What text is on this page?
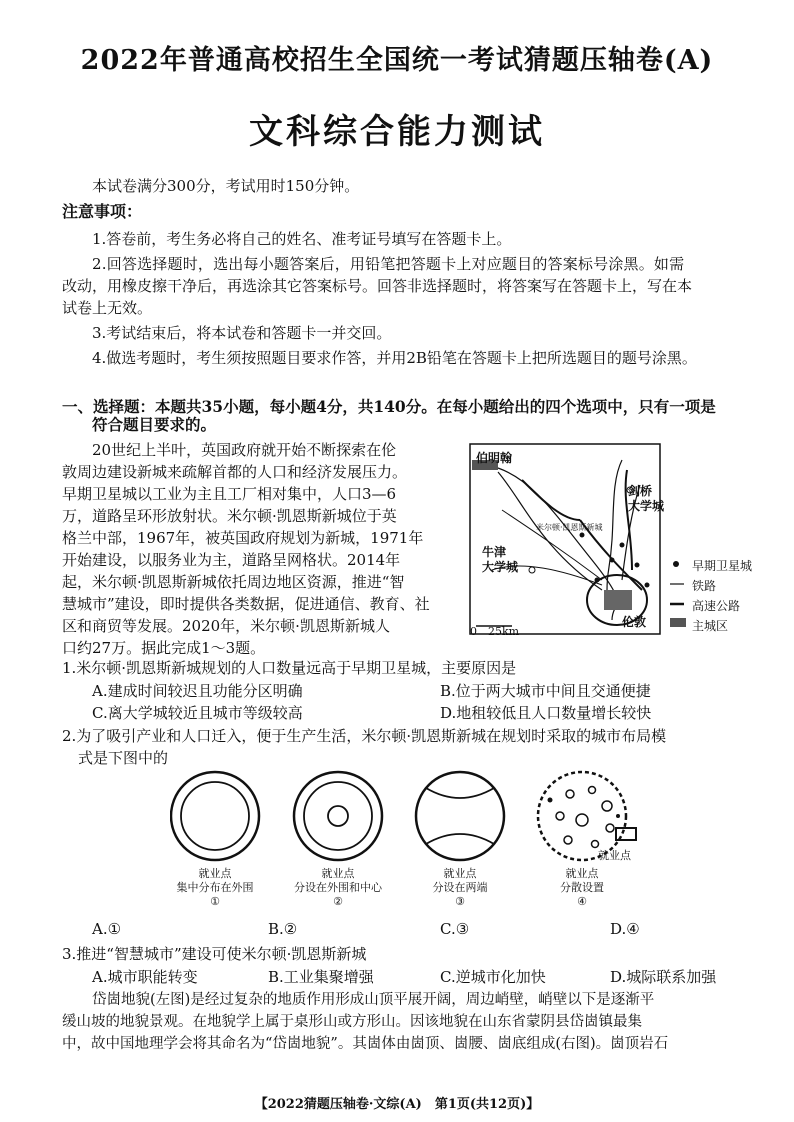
2022年普通高校招生全国统一考试猜题压轴卷(A)
文科综合能力测试
本试卷满分300分，考试用时150分钟。
注意事项：
1.答卷前，考生务必将自己的姓名、准考证号填写在答题卡上。
2.回答选择题时，选出每小题答案后，用铅笔把答题卡上对应题目的答案标号涂黑。如需
改动，用橡皮擦干净后，再选涂其它答案标号。回答非选择题时，将答案写在答题卡上，写在本
试卷上无效。
3.考试结束后，将本试卷和答题卡一并交回。
4.做选考题时，考生须按照题目要求作答，并用2B铅笔在答题卡上把所选题目的题号涂黑。
一、选择题：本题共35小题，每小题4分，共140分。在每小题给出的四个选项中，只有一项是
符合题目要求的。
20世纪上半叶，英国政府就开始不断探索在伦
敦周边建设新城来疏解首都的人口和经济发展压力。
早期卫星城以工业为主且工厂相对集中，人口3—6
万，道路呈环形放射状。米尔顿·凯恩斯新城位于英
格兰中部，1967年，被英国政府规划为新城，1971年
开始建设，以服务业为主，道路呈网格状。2014年
起，米尔顿·凯恩斯新城依托周边地区资源，推进“智
慧城市”建设，即时提供各类数据，促进通信、教育、社
区和商贸等发展。2020年，米尔顿·凯恩斯新城人
口约27万。据此完成1～3题。
伯明翰
剑桥
大学城
牛津
大学城
米尔顿·凯恩斯新城
伦敦
0 25km
早期卫星城
铁路
高速公路
主城区
1.米尔顿·凯恩斯新城规划的人口数量远高于早期卫星城，主要原因是
A.建成时间较迟且功能分区明确	B.位于两大城市中间且交通便捷
C.离大学城较近且城市等级较高	D.地租较低且人口数量增长较快
2.为了吸引产业和人口迁入，便于生产生活，米尔顿·凯恩斯新城在规划时采取的城市布局模
式是下图中的
就业点
就业点
集中分布在外围
①
就业点
分设在外围和中心
②
就业点
分设在两端
③
就业点
分散设置
④
A.①	B.②	C.③	D.④
3.推进“智慧城市”建设可使米尔顿·凯恩斯新城
A.城市职能转变	B.工业集聚增强	C.逆城市化加快	D.城际联系加强
岱崮地貌(左图)是经过复杂的地质作用形成山顶平展开阔，周边峭壁，峭壁以下是逐渐平
缓山坡的地貌景观。在地貌学上属于桌形山或方形山。因该地貌在山东省蒙阴县岱崮镇最集
中，故中国地理学会将其命名为“岱崮地貌”。其崮体由崮顶、崮腰、崮底组成(右图)。崮顶岩石
【2022猜题压轴卷·文综(A)　第1页(共12页)】
